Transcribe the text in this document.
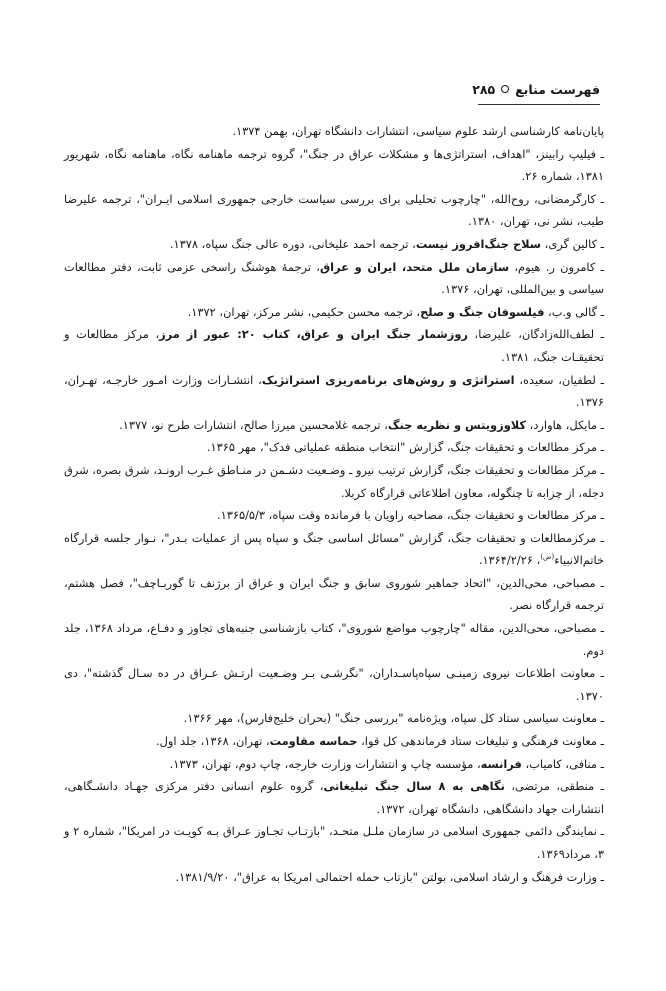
فهرست منابع
۲۸۵

پایان‌نامه کارشناسی ارشد علوم سیاسی، انتشارات دانشگاه تهران، بهمن ۱۳۷۴.

ـ فیلیپ رابینز، "اهداف، استراتژی‌ها و مشکلات عراق در جنگ"، گروه ترجمه ماهنامه نگاه، ماهنامه نگاه، شهریور ۱۳۸۱، شماره ۲۶.

ـ کارگرمضانی، روح‌الله، "چارچوب تحلیلی برای بررسی سیاست خارجی جمهوری اسلامی ایـران"، ترجمه علیرضا طیب، نشر نی، تهران، ۱۳۸۰.

ـ کالین گری، سلاح جنگ‌افروز نیست، ترجمه احمد علیخانی، دوره عالی جنگ سپاه، ۱۳۷۸.

ـ کامرون ر. هیوم، سازمان ملل متحد، ایران و عراق، ترجمهٔ هوشنگ راسخی عزمی ثابت، دفتر مطالعات سیاسی و بین‌المللی، تهران، ۱۳۷۶.

ـ گالی و.ب، فیلسوفان جنگ و صلح، ترجمه محسن حکیمی، نشر مرکز، تهران، ۱۳۷۲.

ـ لطف‌الله‌زادگان، علیرضا، روزشمار جنگ ایران و عراق، کتاب ۲۰: عبور از مرز، مرکز مطالعات و تحقیقـات جنگ، ۱۳۸۱.

ـ لطفیان، سعیده، استراتژی و روش‌های برنامه‌ریزی استراتژیک، انتشـارات وزارت امـور خارجـه، تهـران، ۱۳۷۶.

ـ مایکل، هاوارد، کلاوزویتس و نظریه جنگ، ترجمه غلامحسین میرزا صالح، انتشارات طرح نو، ۱۳۷۷.

ـ مرکز مطالعات و تحقیقات جنگ، گزارش "انتخاب منطقه عملیاتی فدک"، مهر ۱۳۶۵.

ـ مرکز مطالعات و تحقیقات جنگ، گزارش ترتیب نیرو ـ وضـعیت دشـمن در منـاطق غـرب ارونـد، شرق بصره، شرق دجله، از چزابه تا چنگوله، معاون اطلاعاتی قرارگاه کربلا.

ـ مرکز مطالعات و تحقیقات جنگ، مصاحبه راویان با فرمانده وقت سپاه، ۱۳۶۵/۵/۳.

ـ مرکزمطالعات و تحقیقات جنگ، گزارش "مسائل اساسی جنگ و سپاه پس از عملیات بـدر"، نـوار جلسه قرارگاه خاتم‌الانبیاء$^{(ص)}$، ۱۳۶۴/۲/۲۶.

ـ مصباحی، محی‌الدین، "اتحاد جماهیر شوروی سابق و جنگ ایران و عراق از برژنف تا گوربـاچف"، فصل هشتم، ترجمه قرارگاه نصر.

ـ مصباحی، محی‌الدین، مقاله "چارچوب مواضع شوروی"، کتاب بازشناسی جنبه‌های تجاوز و دفـاع، مرداد ۱۳۶۸، جلد دوم.

ـ معاونت اطلاعات نیروی زمینـی سپاه‌پاسـداران، "نگرشـی بـر وضـعیت ارتـش عـراق در ده سـال گذشته"، دی ۱۳۷۰.

ـ معاونت سیاسی ستاد کل سپاه، ویژه‌نامه "بررسی جنگ" (بحران خلیج‌فارس)، مهر ۱۳۶۶.

ـ معاونت فرهنگی و تبلیغات ستاد فرماندهی کل قوا، حماسه مقاومت، تهران، ۱۳۶۸، جلد اول.

ـ منافی، کامیاب، فرانسه، مؤسسه چاپ و انتشارات وزارت خارجه، چاپ دوم، تهران، ۱۳۷۳.

ـ منطقی، مرتضی، نگاهی به ۸ سال جنگ تبلیغاتی، گروه علوم انسانی دفتر مرکزی جهـاد دانشـگاهی، انتشارات جهاد دانشگاهی، دانشگاه تهران، ۱۳۷۲.

ـ نمایندگی دائمی جمهوری اسلامی در سازمان ملـل متحـد، "بازتـاب تجـاوز عـراق بـه کویـت در امریکا"، شماره ۲ و ۳، مرداد۱۳۶۹.

ـ وزارت فرهنگ و ارشاد اسلامی، بولتن "بازتاب حمله احتمالی امریکا به عراق"، ۱۳۸۱/۹/۲۰.
